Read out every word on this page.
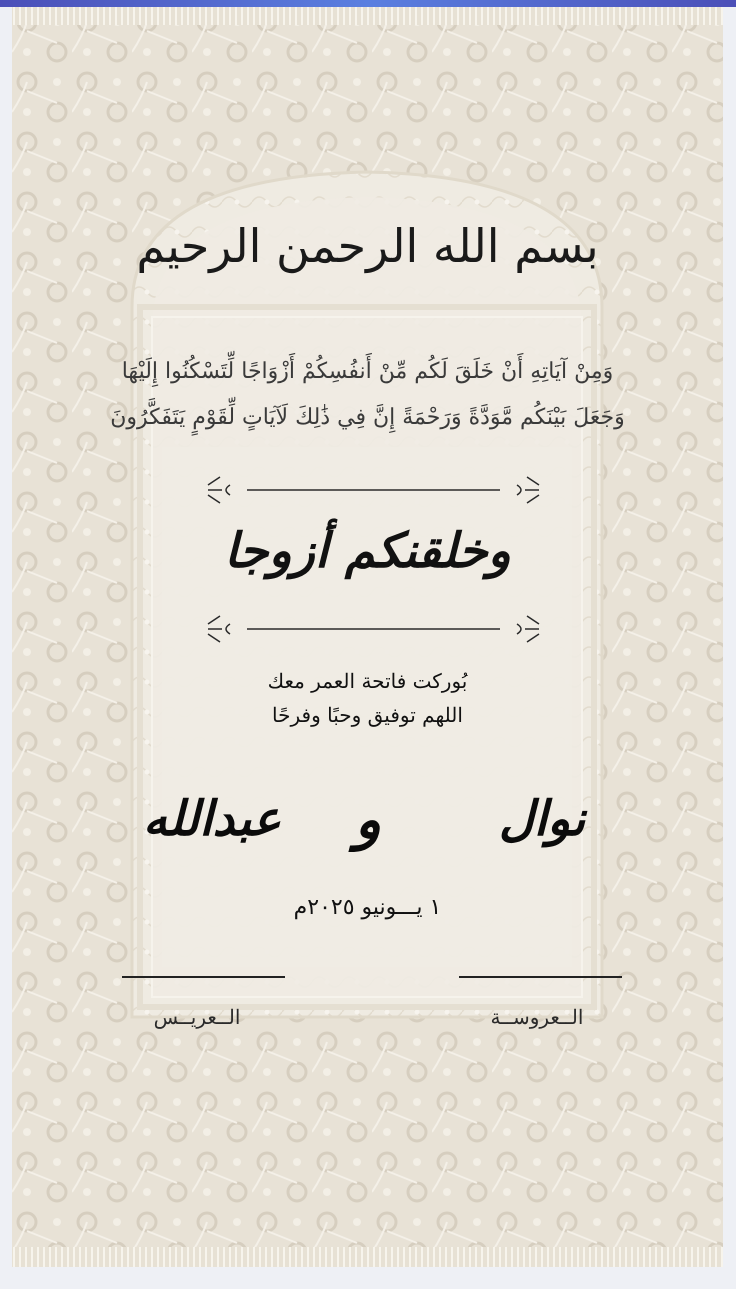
بسم الله الرحمن الرحيم
وَمِنْ آيَاتِهِ أَنْ خَلَقَ لَكُم مِّنْ أَنفُسِكُمْ أَزْوَاجًا لِّتَسْكُنُوا إِلَيْهَا
وَجَعَلَ بَيْنَكُم مَّوَدَّةً وَرَحْمَةً إِنَّ فِي ذَٰلِكَ لَآيَاتٍ لِّقَوْمٍ يَتَفَكَّرُونَ
وخلقنكم أزوجا
بُوركت فاتحة العمر معك
اللهم توفيق وحبًا وفرحًا
نوال
و
عبدالله
١ يـــونيو ٢٠٢٥م
الــعروســة
الــعريــس
